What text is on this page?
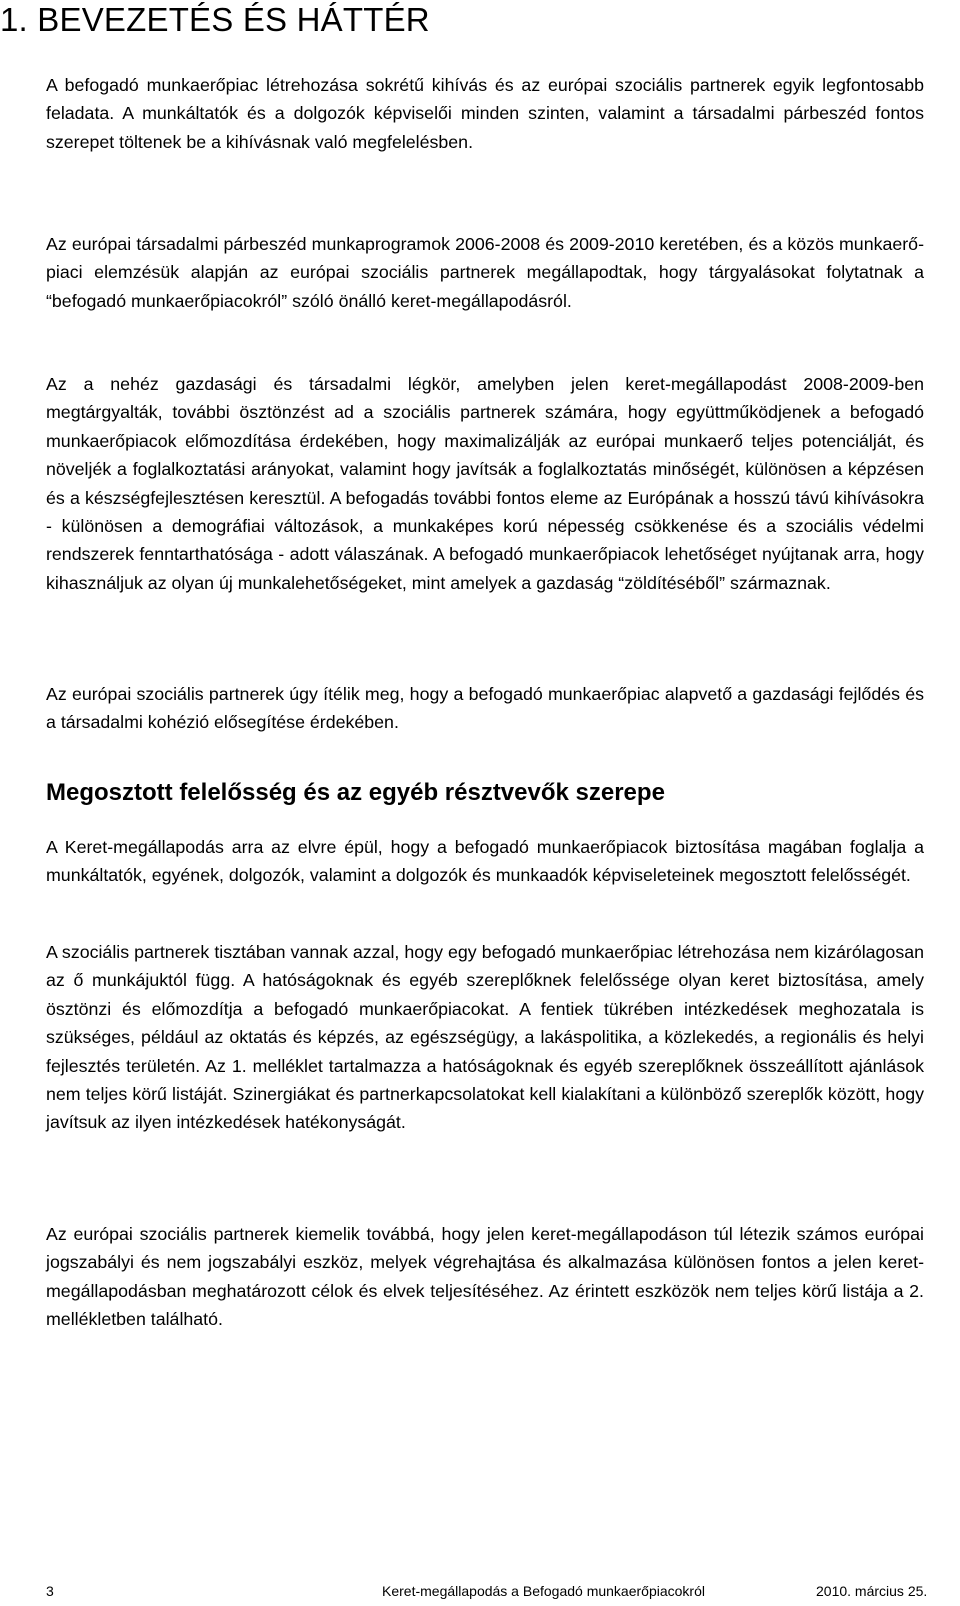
1. BEVEZETÉS ÉS HÁTTÉR

A befogadó munkaerőpiac létrehozása sokrétű kihívás és az európai szociális partnerek egyik legfontosabb feladata. A munkáltatók és a dolgozók képviselői minden szinten, valamint a társadalmi párbeszéd fontos szerepet töltenek be a kihívásnak való megfelelésben.

Az európai társadalmi párbeszéd munkaprogramok 2006-2008 és 2009-2010 keretében, és a közös munkaerő-piaci elemzésük alapján az európai szociális partnerek megállapodtak, hogy tárgyalásokat folytatnak a “befogadó munkaerőpiacokról” szóló önálló keret-megállapodásról.

Az a nehéz gazdasági és társadalmi légkör, amelyben jelen keret-megállapodást 2008-2009-ben megtárgyalták, további ösztönzést ad a szociális partnerek számára, hogy együttműködjenek a befogadó munkaerőpiacok előmozdítása érdekében, hogy maximalizálják az európai munkaerő teljes potenciálját, és növeljék a foglalkoztatási arányokat, valamint hogy javítsák a foglalkoztatás minőségét, különösen a képzésen és a készségfejlesztésen keresztül. A befogadás további fontos eleme az Európának a hosszú távú kihívásokra - különösen a demográfiai változások, a munkaképes korú népesség csökkenése és a szociális védelmi rendszerek fenntarthatósága - adott válaszának. A befogadó munkaerőpiacok lehetőséget nyújtanak arra, hogy kihasználjuk az olyan új munkalehetőségeket, mint amelyek a gazdaság “zöldítéséből” származnak.

Az európai szociális partnerek úgy ítélik meg, hogy a befogadó munkaerőpiac alapvető a gazdasági fejlődés és a társadalmi kohézió elősegítése érdekében.

Megosztott felelősség és az egyéb résztvevők szerepe

A Keret-megállapodás arra az elvre épül, hogy a befogadó munkaerőpiacok biztosítása magában foglalja a munkáltatók, egyének, dolgozók, valamint a dolgozók és munkaadók képviseleteinek megosztott felelősségét.

A szociális partnerek tisztában vannak azzal, hogy egy befogadó munkaerőpiac létrehozása nem kizárólagosan az ő munkájuktól függ. A hatóságoknak és egyéb szereplőknek felelőssége olyan keret biztosítása, amely ösztönzi és előmozdítja a befogadó munkaerőpiacokat. A fentiek tükrében intézkedések meghozatala is szükséges, például az oktatás és képzés, az egészségügy, a lakáspolitika, a közlekedés, a regionális és helyi fejlesztés területén. Az 1. melléklet tartalmazza a hatóságoknak és egyéb szereplőknek összeállított ajánlások nem teljes körű listáját. Szinergiákat és partnerkapcsolatokat kell kialakítani a különböző szereplők között, hogy javítsuk az ilyen intézkedések hatékonyságát.

Az európai szociális partnerek kiemelik továbbá, hogy jelen keret-megállapodáson túl létezik számos európai jogszabályi és nem jogszabályi eszköz, melyek végrehajtása és alkalmazása különösen fontos a jelen keret-megállapodásban meghatározott célok és elvek teljesítéséhez. Az érintett eszközök nem teljes körű listája a 2. mellékletben található.

3	Keret-megállapodás a Befogadó munkaerőpiacokról	2010. március 25.
